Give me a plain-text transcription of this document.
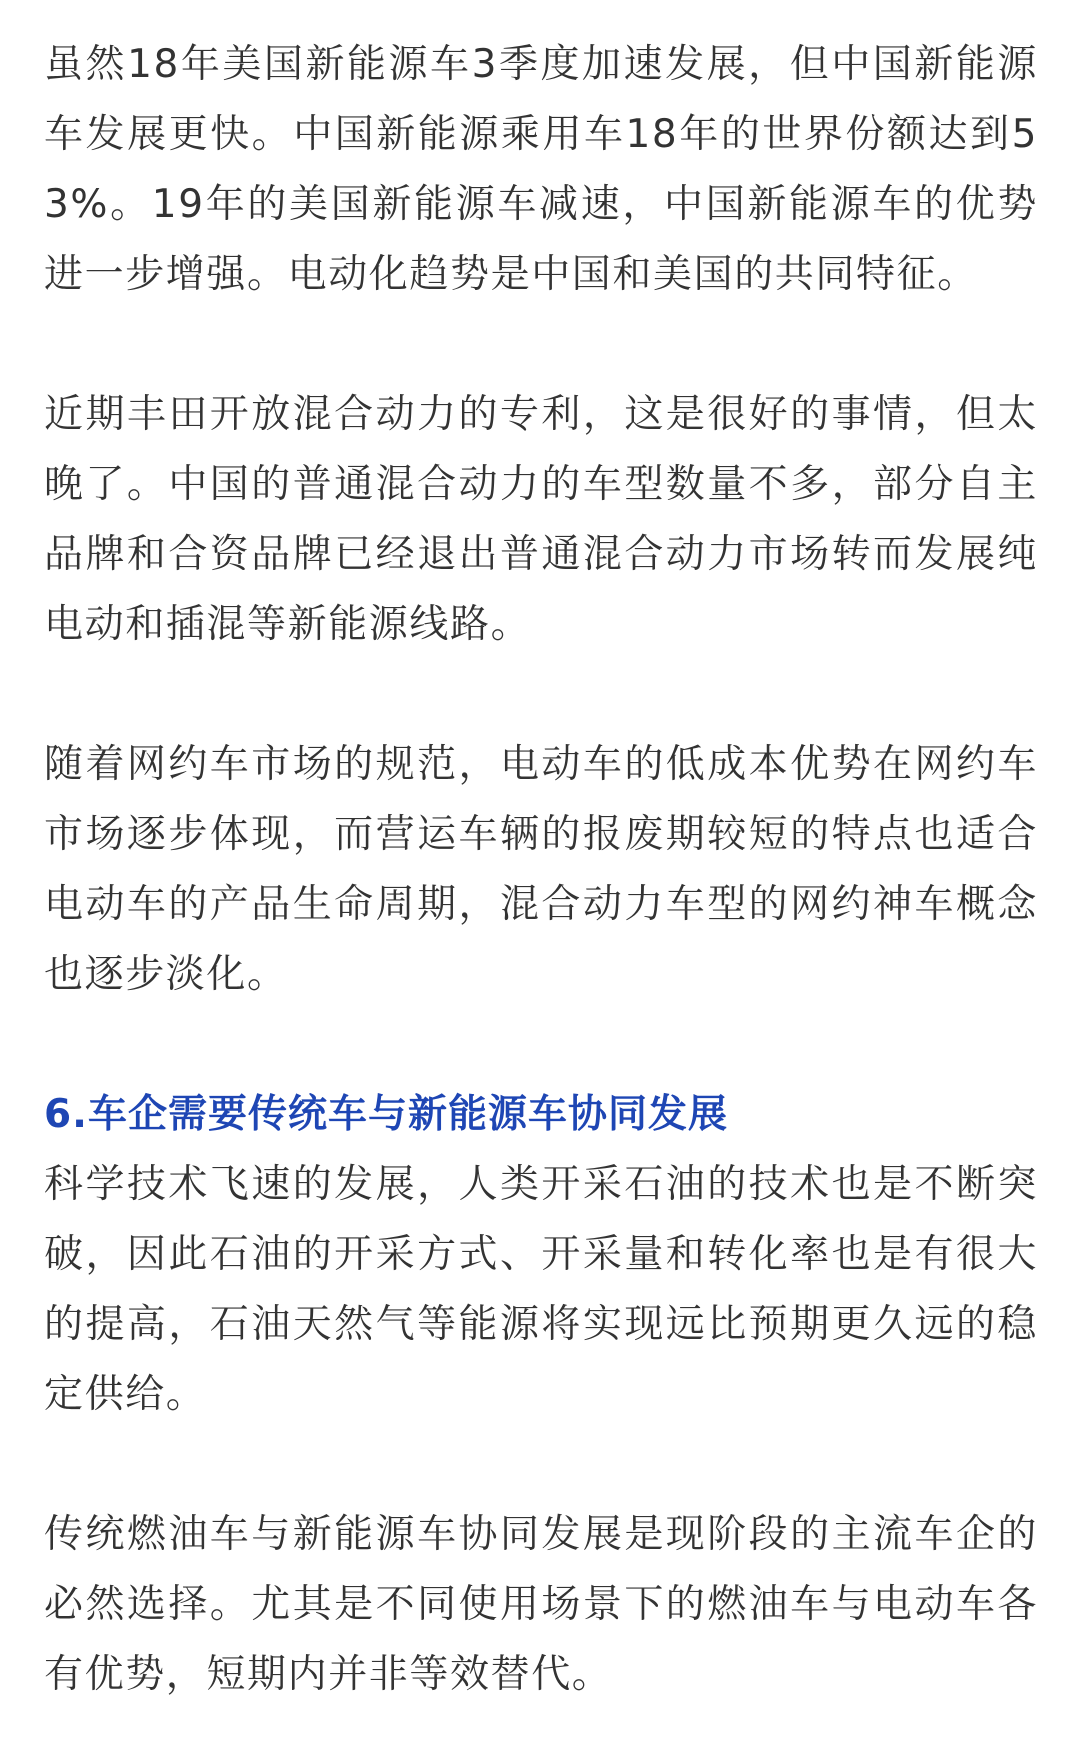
虽然18年美国新能源车3季度加速发展，但中国新能源车发展更快。中国新能源乘用车18年的世界份额达到53%。19年的美国新能源车减速，中国新能源车的优势进一步增强。电动化趋势是中国和美国的共同特征。

近期丰田开放混合动力的专利，这是很好的事情，但太晚了。中国的普通混合动力的车型数量不多，部分自主品牌和合资品牌已经退出普通混合动力市场转而发展纯电动和插混等新能源线路。

随着网约车市场的规范，电动车的低成本优势在网约车市场逐步体现，而营运车辆的报废期较短的特点也适合电动车的产品生命周期，混合动力车型的网约神车概念也逐步淡化。

6.车企需要传统车与新能源车协同发展

科学技术飞速的发展，人类开采石油的技术也是不断突破，因此石油的开采方式、开采量和转化率也是有很大的提高，石油天然气等能源将实现远比预期更久远的稳定供给。

传统燃油车与新能源车协同发展是现阶段的主流车企的必然选择。尤其是不同使用场景下的燃油车与电动车各有优势，短期内并非等效替代。
